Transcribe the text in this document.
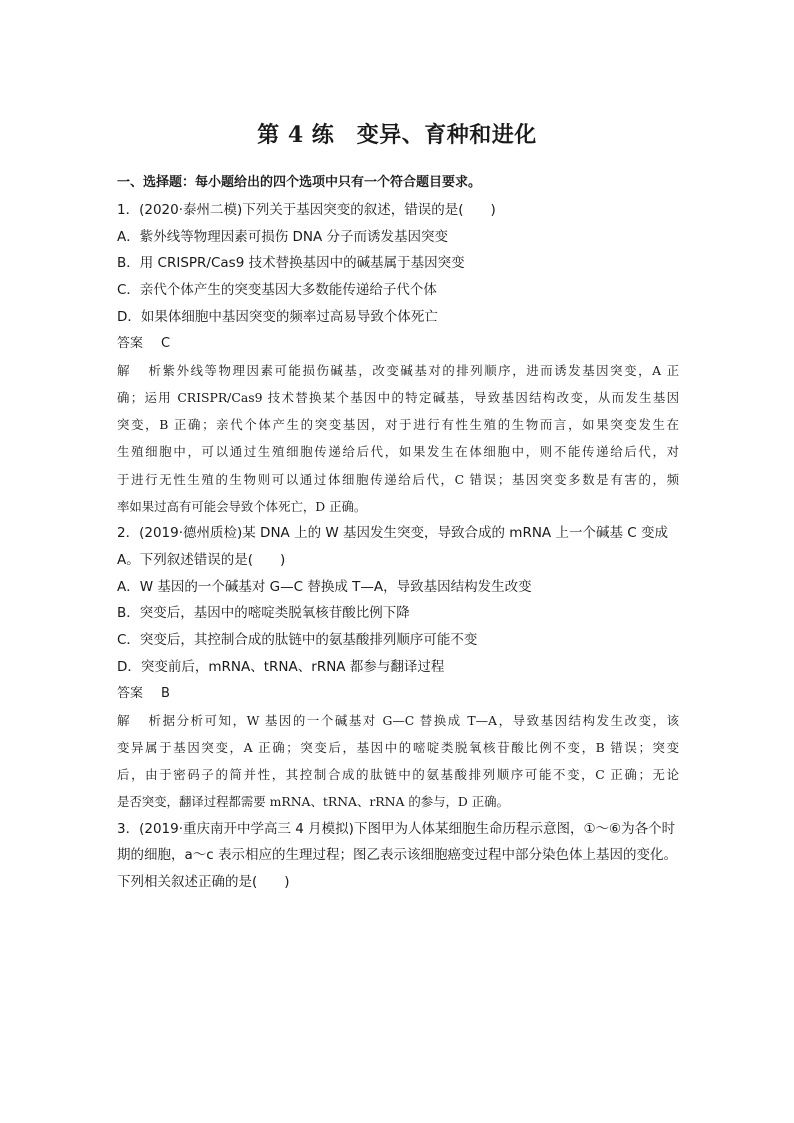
第 4 练　变异、育种和进化

一、选择题：每小题给出的四个选项中只有一个符合题目要求。

1．(2020·泰州二模)下列关于基因突变的叙述，错误的是(　　)

A．紫外线等物理因素可损伤 DNA 分子而诱发基因突变

B．用 CRISPR/Cas9 技术替换基因中的碱基属于基因突变

C．亲代个体产生的突变基因大多数能传递给子代个体

D．如果体细胞中基因突变的频率过高易导致个体死亡

答案 C

解析紫外线等物理因素可能损伤碱基，改变碱基对的排列顺序，进而诱发基因突变，A 正

确；运用 CRISPR/Cas9 技术替换某个基因中的特定碱基，导致基因结构改变，从而发生基因

突变，B 正确；亲代个体产生的突变基因，对于进行有性生殖的生物而言，如果突变发生在

生殖细胞中，可以通过生殖细胞传递给后代，如果发生在体细胞中，则不能传递给后代，对

于进行无性生殖的生物则可以通过体细胞传递给后代，C 错误；基因突变多数是有害的，频

率如果过高有可能会导致个体死亡，D 正确。

2．(2019·德州质检)某 DNA 上的 W 基因发生突变，导致合成的 mRNA 上一个碱基 C 变成

A。下列叙述错误的是(　　)

A．W 基因的一个碱基对 G—C 替换成 T—A，导致基因结构发生改变

B．突变后，基因中的嘧啶类脱氧核苷酸比例下降

C．突变后，其控制合成的肽链中的氨基酸排列顺序可能不变

D．突变前后，mRNA、tRNA、rRNA 都参与翻译过程

答案 B

解析据分析可知，W 基因的一个碱基对 G—C 替换成 T—A，导致基因结构发生改变，该

变异属于基因突变，A 正确；突变后，基因中的嘧啶类脱氧核苷酸比例不变，B 错误；突变

后，由于密码子的简并性，其控制合成的肽链中的氨基酸排列顺序可能不变，C 正确；无论

是否突变，翻译过程都需要 mRNA、tRNA、rRNA 的参与，D 正确。

3．(2019·重庆南开中学高三 4 月模拟)下图甲为人体某细胞生命历程示意图，①～⑥为各个时

期的细胞，a～c 表示相应的生理过程；图乙表示该细胞癌变过程中部分染色体上基因的变化。

下列相关叙述正确的是(　　)
